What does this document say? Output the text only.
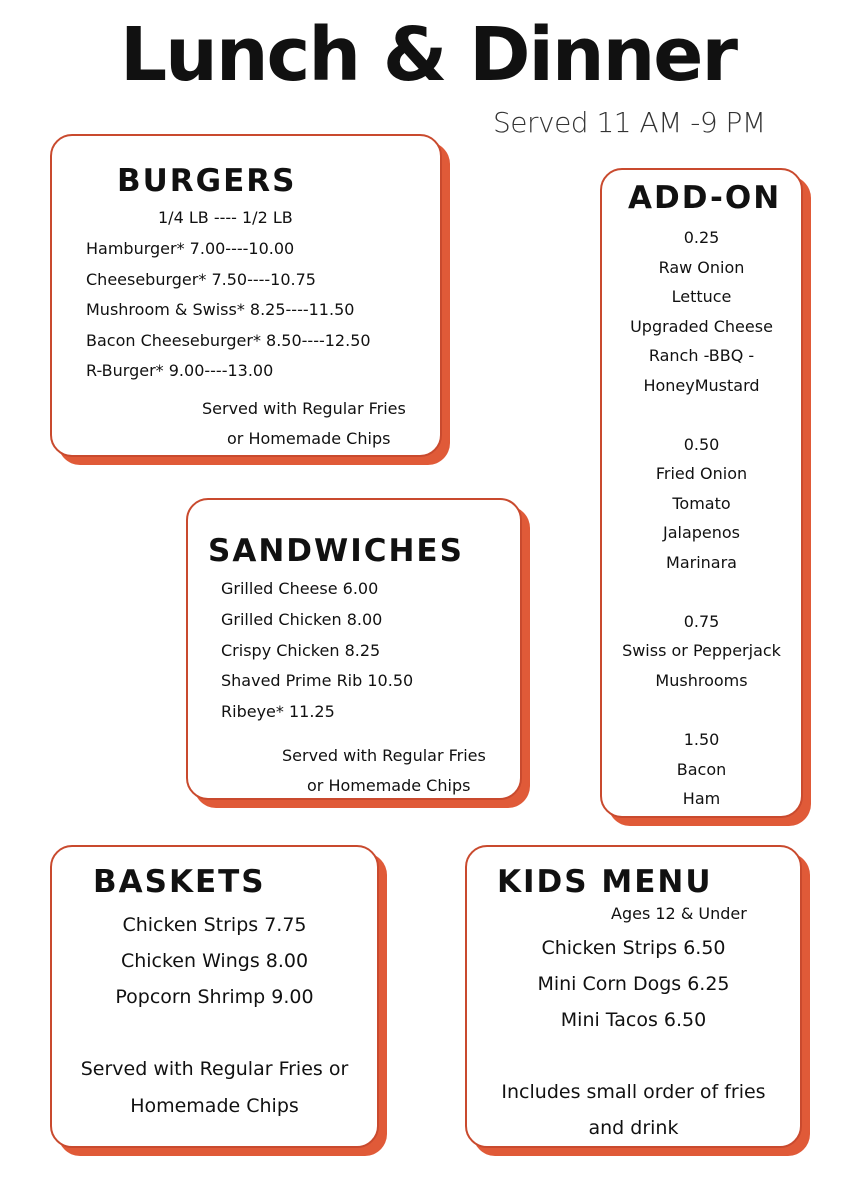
Lunch & Dinner

Served 11 AM -9 PM

BURGERS
1/4 LB ---- 1/2 LB
Hamburger* 7.00----10.00
Cheeseburger* 7.50----10.75
Mushroom & Swiss* 8.25----11.50
Bacon Cheeseburger* 8.50----12.50
R-Burger* 9.00----13.00
Served with Regular Fries
or Homemade Chips
SANDWICHES
Grilled Cheese 6.00
Grilled Chicken 8.00
Crispy Chicken 8.25
Shaved Prime Rib 10.50
Ribeye* 11.25
Served with Regular Fries
or Homemade Chips
ADD-ON
0.25
Raw Onion
Lettuce
Upgraded Cheese
Ranch -BBQ -
HoneyMustard
0.50
Fried Onion
Tomato
Jalapenos
Marinara
0.75
Swiss or Pepperjack
Mushrooms
1.50
Bacon
Ham
BASKETS
Chicken Strips 7.75
Chicken Wings 8.00
Popcorn Shrimp 9.00
Served with Regular Fries or
Homemade Chips
KIDS MENU
Ages 12 & Under
Chicken Strips 6.50
Mini Corn Dogs 6.25
Mini Tacos 6.50
Includes small order of fries
and drink
